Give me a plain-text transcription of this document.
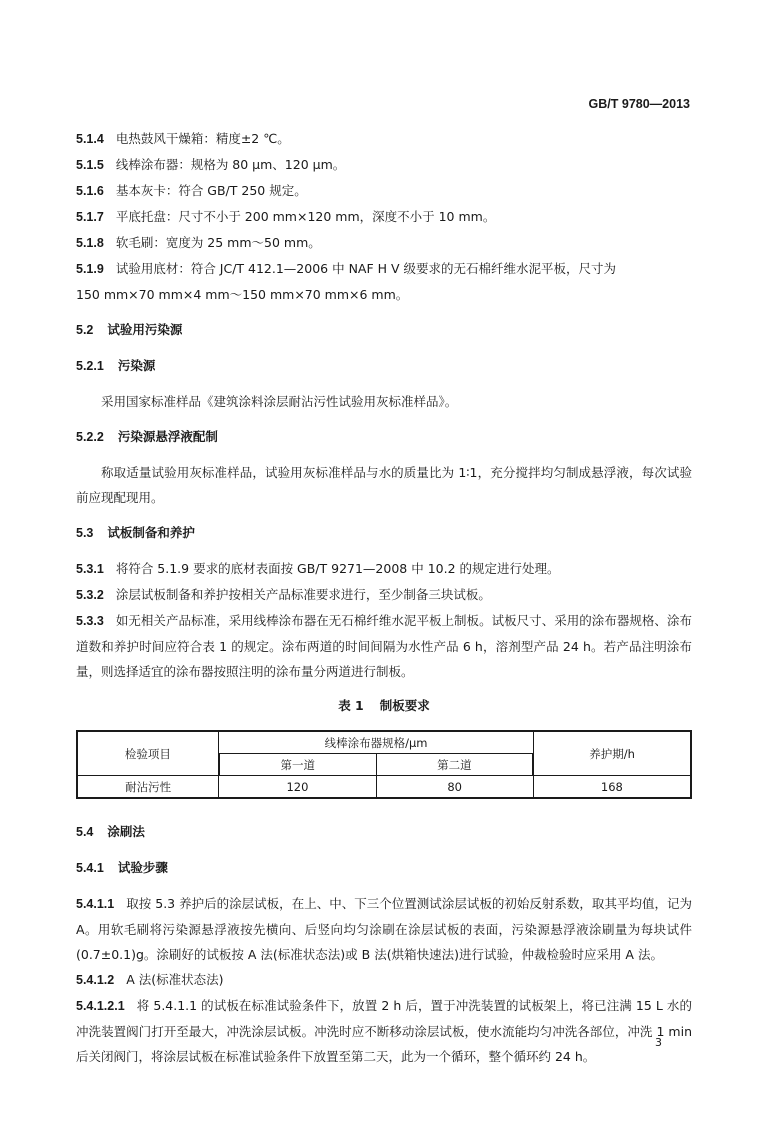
GB/T 9780—2013

5.1.4 电热鼓风干燥箱：精度±2 ℃。

5.1.5 线棒涂布器：规格为 80 μm、120 μm。

5.1.6 基本灰卡：符合 GB/T 250 规定。

5.1.7 平底托盘：尺寸不小于 200 mm×120 mm，深度不小于 10 mm。

5.1.8 软毛刷：宽度为 25 mm～50 mm。

5.1.9 试验用底材：符合 JC/T 412.1—2006 中 NAF H V 级要求的无石棉纤维水泥平板，尺寸为

150 mm×70 mm×4 mm～150 mm×70 mm×6 mm。

5.2 试验用污染源

5.2.1 污染源

采用国家标准样品《建筑涂料涂层耐沾污性试验用灰标准样品》。

5.2.2 污染源悬浮液配制

称取适量试验用灰标准样品，试验用灰标准样品与水的质量比为 1∶1，充分搅拌均匀制成悬浮液，每次试验前应现配现用。

5.3 试板制备和养护

5.3.1 将符合 5.1.9 要求的底材表面按 GB/T 9271—2008 中 10.2 的规定进行处理。

5.3.2 涂层试板制备和养护按相关产品标准要求进行，至少制备三块试板。

5.3.3 如无相关产品标准，采用线棒涂布器在无石棉纤维水泥平板上制板。试板尺寸、采用的涂布器规格、涂布道数和养护时间应符合表 1 的规定。涂布两道的时间间隔为水性产品 6 h，溶剂型产品 24 h。若产品注明涂布量，则选择适宜的涂布器按照注明的涂布量分两道进行制板。

表 1 制板要求
检验项目	线棒涂布器规格/μm		养护期/h
	第一道	第二道	
耐沾污性	120	80	168

5.4 涂刷法

5.4.1 试验步骤

5.4.1.1 取按 5.3 养护后的涂层试板，在上、中、下三个位置测试涂层试板的初始反射系数，取其平均值，记为 A。用软毛刷将污染源悬浮液按先横向、后竖向均匀涂刷在涂层试板的表面，污染源悬浮液涂刷量为每块试件(0.7±0.1)g。涂刷好的试板按 A 法(标准状态法)或 B 法(烘箱快速法)进行试验，仲裁检验时应采用 A 法。

5.4.1.2 A 法(标准状态法)

5.4.1.2.1 将 5.4.1.1 的试板在标准试验条件下，放置 2 h 后，置于冲洗装置的试板架上，将已注满 15 L 水的冲洗装置阀门打开至最大，冲洗涂层试板。冲洗时应不断移动涂层试板，使水流能均匀冲洗各部位，冲洗 1 min 后关闭阀门，将涂层试板在标准试验条件下放置至第二天，此为一个循环，整个循环约 24 h。

3
